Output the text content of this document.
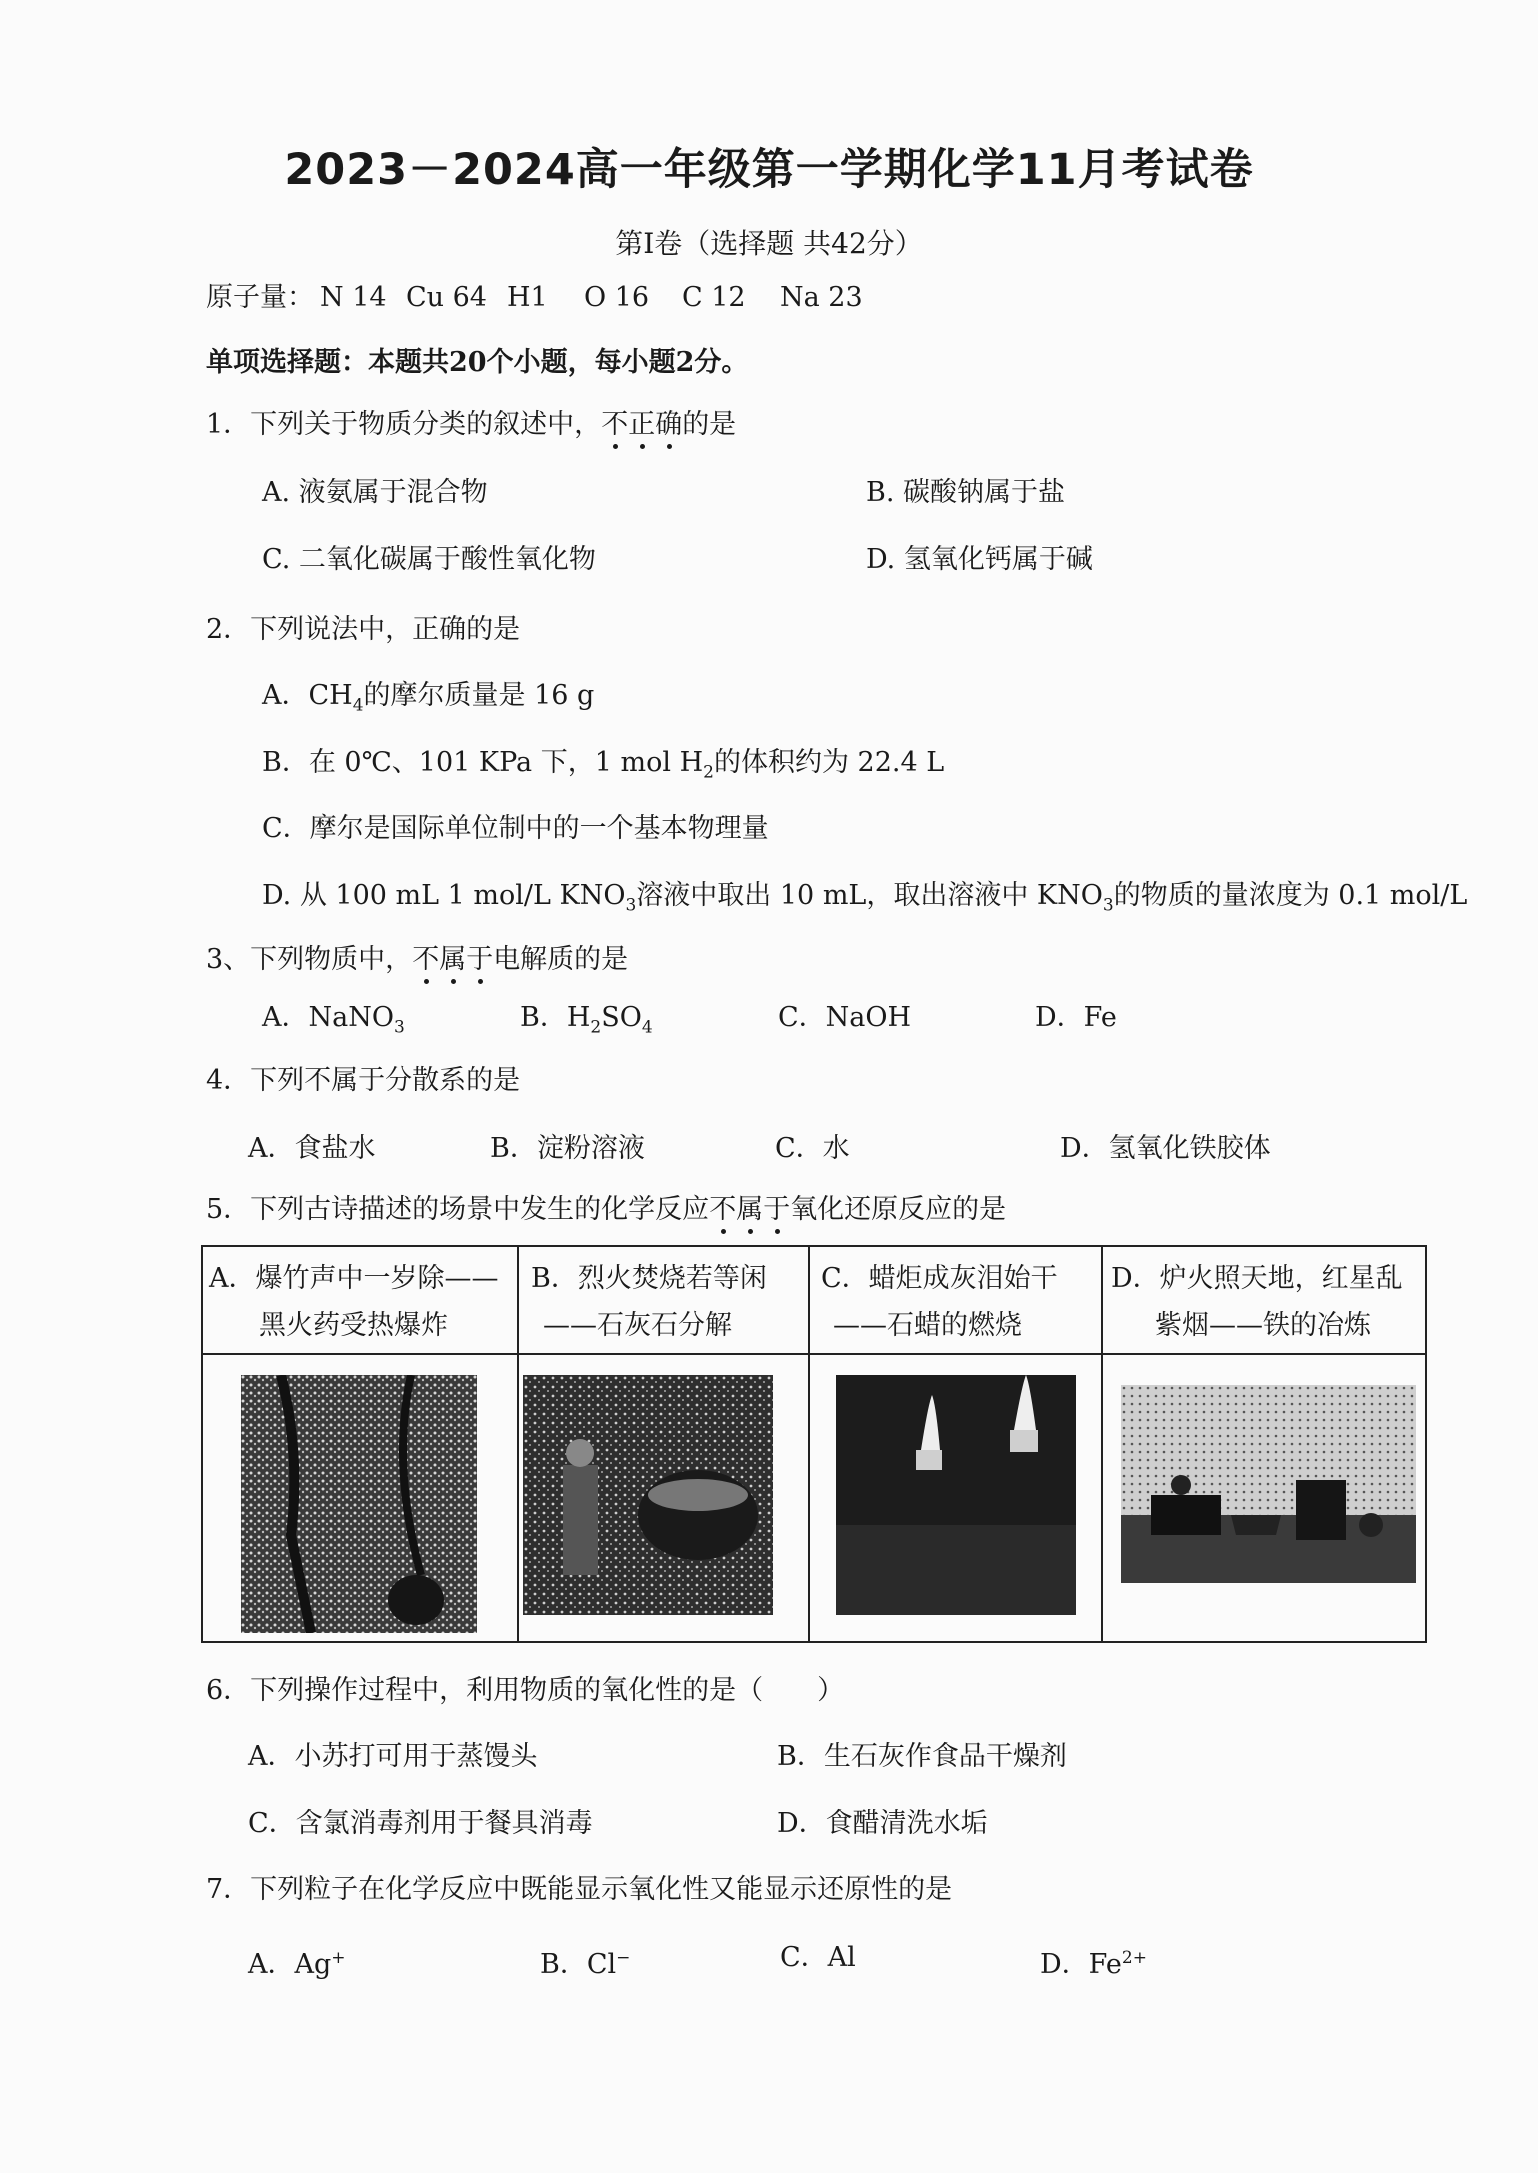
2023－2024高一年级第一学期化学11月考试卷
第Ⅰ卷（选择题 共42分）
原子量： N 14 Cu 64 H1 O 16 C 12 Na 23
单项选择题：本题共20个小题，每小题2分。
1．下列关于物质分类的叙述中，不正确的是
A. 液氨属于混合物	B. 碳酸钠属于盐
C. 二氧化碳属于酸性氧化物	D. 氢氧化钙属于碱
2．下列说法中，正确的是
A．$CH_4$的摩尔质量是 16 g
B．在 0℃、101 KPa 下，1 mol $H_2$的体积约为 22.4 L
C．摩尔是国际单位制中的一个基本物理量
D. 从 100 mL 1 mol/L $KNO_3$溶液中取出 10 mL，取出溶液中 $KNO_3$的物质的量浓度为 0.1 mol/L
3、下列物质中，不属于电解质的是
A．NaNO$_3$	B．$H_2SO_4$	C．NaOH	D．Fe
4．下列不属于分散系的是
A．食盐水	B．淀粉溶液	C．水	D．氢氧化铁胶体
5．下列古诗描述的场景中发生的化学反应不属于氧化还原反应的是
A．爆竹声中一岁除——
黑火药受热爆炸
B．烈火焚烧若等闲
——石灰石分解
C．蜡炬成灰泪始干
——石蜡的燃烧
D．炉火照天地，红星乱
紫烟——铁的冶炼
6．下列操作过程中，利用物质的氧化性的是（　　）
A．小苏打可用于蒸馒头	B．生石灰作食品干燥剂
C．含氯消毒剂用于餐具消毒	D．食醋清洗水垢
7．下列粒子在化学反应中既能显示氧化性又能显示还原性的是
A．Ag+	B．Cl−	C．Al	D．$Fe^{2+}$
